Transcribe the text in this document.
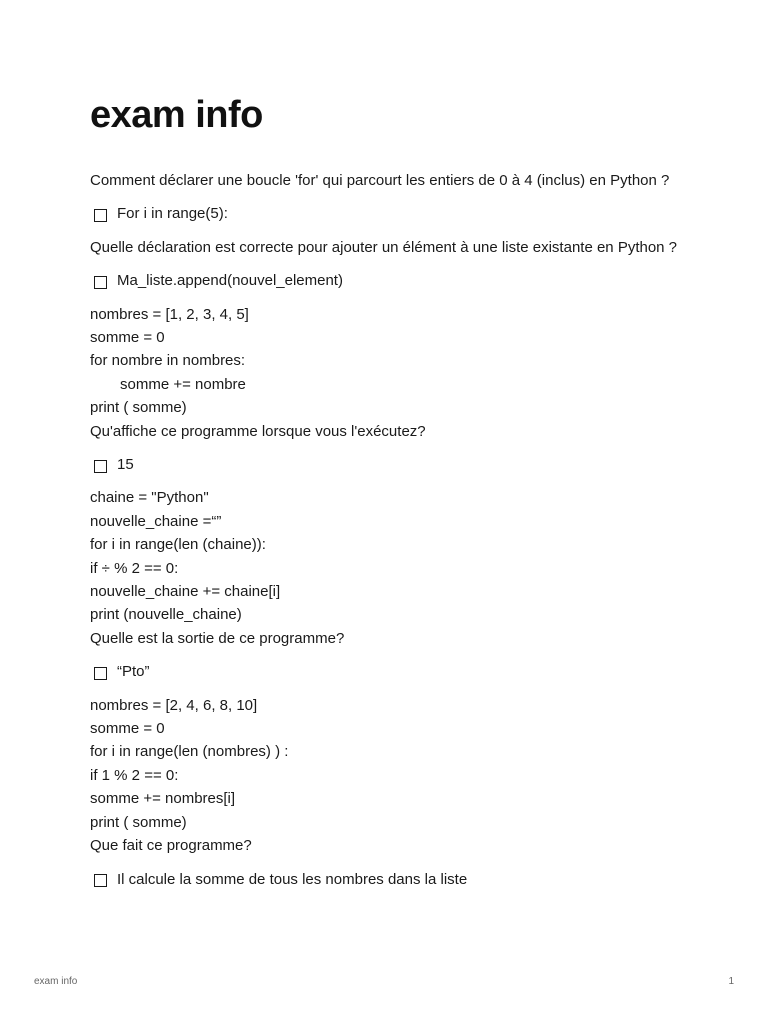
exam info
Comment déclarer une boucle 'for' qui parcourt les entiers de 0 à 4 (inclus) en Python ?
For i in range(5):
Quelle déclaration est correcte pour ajouter un élément à une liste existante en Python ?
Ma_liste.append(nouvel_element)
nombres = [1, 2, 3, 4, 5]
somme = 0
for nombre in nombres:
somme += nombre
print ( somme)
Qu'affiche ce programme lorsque vous l'exécutez?
15
chaine = "Python"
nouvelle_chaine =“”
for i in range(len (chaine)):
if ÷ % 2 == 0:
nouvelle_chaine += chaine[i]
print (nouvelle_chaine)
Quelle est la sortie de ce programme?
“Pto”
nombres = [2, 4, 6, 8, 10]
somme = 0
for i in range(len (nombres) ) :
if 1 % 2 == 0:
somme += nombres[i]
print ( somme)
Que fait ce programme?
Il calcule la somme de tous les nombres dans la liste
exam info	1
